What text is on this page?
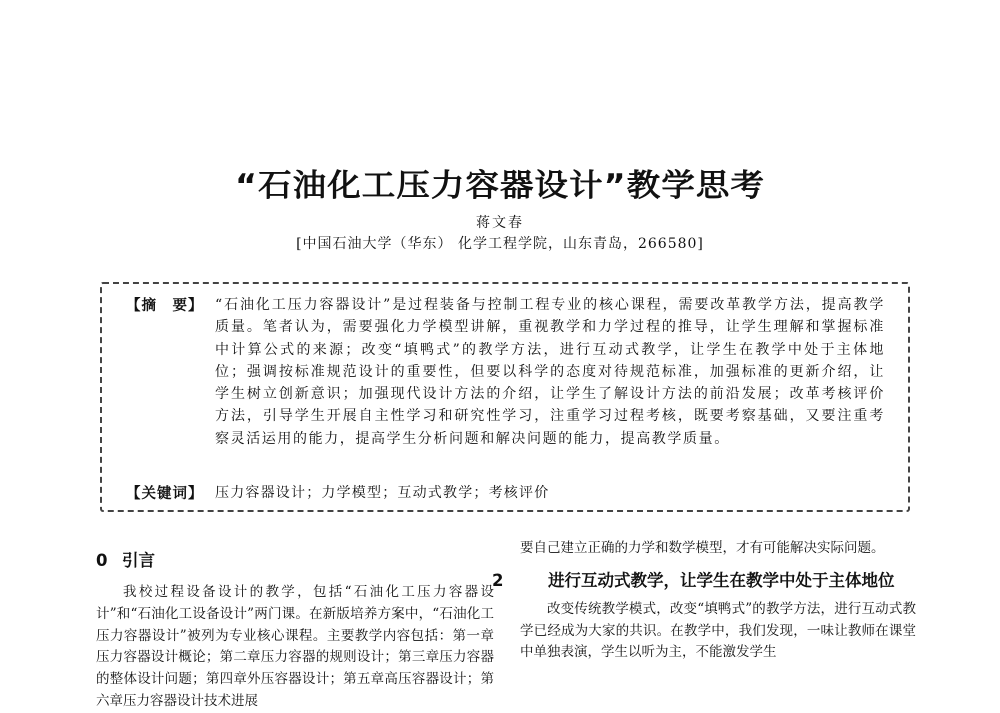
“石油化工压力容器设计”教学思考
蒋文春
[中国石油大学（华东） 化学工程学院，山东青岛，266580]
【摘　要】 “石油化工压力容器设计”是过程装备与控制工程专业的核心课程，需要改革教学方法，提高教学质量。笔者认为，需要强化力学模型讲解，重视教学和力学过程的推导，让学生理解和掌握标准中计算公式的来源；改变“填鸭式”的教学方法，进行互动式教学，让学生在教学中处于主体地位；强调按标准规范设计的重要性，但要以科学的态度对待规范标准，加强标准的更新介绍，让学生树立创新意识；加强现代设计方法的介绍，让学生了解设计方法的前沿发展；改革考核评价方法，引导学生开展自主性学习和研究性学习，注重学习过程考核，既要考察基础，又要注重考察灵活运用的能力，提高学生分析问题和解决问题的能力，提高教学质量。
【关键词】 压力容器设计；力学模型；互动式教学；考核评价
0 引言

我校过程设备设计的教学，包括“石油化工压力容器设计”和“石油化工设备设计”两门课。在新版培养方案中，“石油化工压力容器设计”被列为专业核心课程。主要教学内容包括：第一章压力容器设计概论；第二章压力容器的规则设计；第三章压力容器的整体设计问题；第四章外压容器设计；第五章高压容器设计；第六章压力容器设计技术进展

要自己建立正确的力学和数学模型，才有可能解决实际问题。

2	进行互动式教学，让学生在教学中处于主体地位

改变传统教学模式，改变“填鸭式”的教学方法，进行互动式教学已经成为大家的共识。在教学中，我们发现，一味让教师在课堂中单独表演，学生以听为主，不能激发学生
